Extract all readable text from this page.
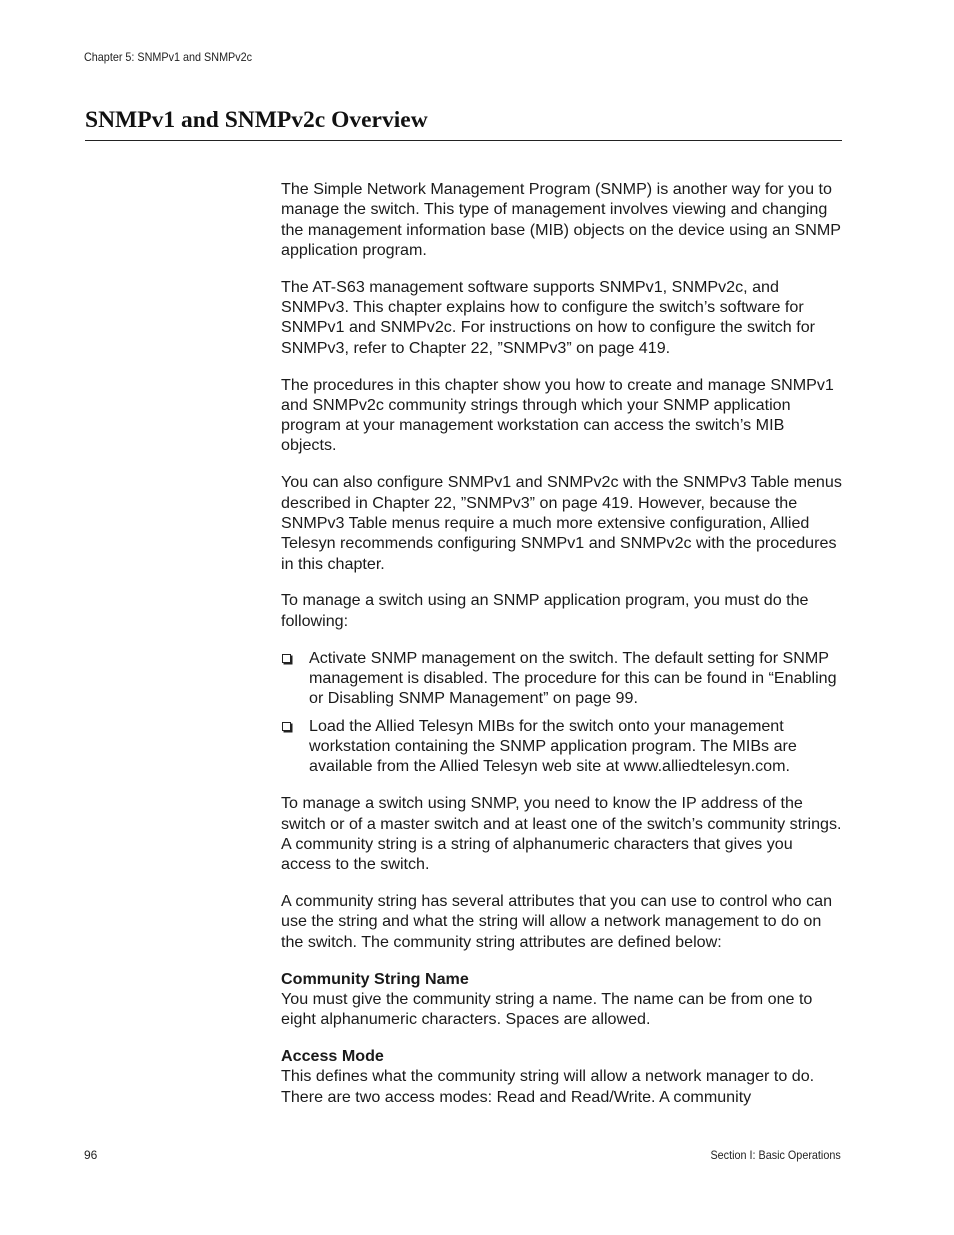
Chapter 5: SNMPv1 and SNMPv2c

SNMPv1 and SNMPv2c Overview

The Simple Network Management Program (SNMP) is another way for you to manage the switch. This type of management involves viewing and changing the management information base (MIB) objects on the device using an SNMP application program.

The AT-S63 management software supports SNMPv1, SNMPv2c, and SNMPv3. This chapter explains how to configure the switch’s software for SNMPv1 and SNMPv2c. For instructions on how to configure the switch for SNMPv3, refer to Chapter 22, ”SNMPv3” on page 419.

The procedures in this chapter show you how to create and manage SNMPv1 and SNMPv2c community strings through which your SNMP application program at your management workstation can access the switch’s MIB objects.

You can also configure SNMPv1 and SNMPv2c with the SNMPv3 Table menus described in Chapter 22, ”SNMPv3” on page 419. However, because the SNMPv3 Table menus require a much more extensive configuration, Allied Telesyn recommends configuring SNMPv1 and SNMPv2c with the procedures in this chapter.

To manage a switch using an SNMP application program, you must do the following:

Activate SNMP management on the switch. The default setting for SNMP management is disabled. The procedure for this can be found in “Enabling or Disabling SNMP Management” on page 99.
Load the Allied Telesyn MIBs for the switch onto your management workstation containing the SNMP application program. The MIBs are available from the Allied Telesyn web site at www.alliedtelesyn.com.

To manage a switch using SNMP, you need to know the IP address of the switch or of a master switch and at least one of the switch’s community strings. A community string is a string of alphanumeric characters that gives you access to the switch.

A community string has several attributes that you can use to control who can use the string and what the string will allow a network management to do on the switch. The community string attributes are defined below:

Community String Name

You must give the community string a name. The name can be from one to eight alphanumeric characters. Spaces are allowed.

Access Mode

This defines what the community string will allow a network manager to do. There are two access modes: Read and Read/Write. A community

96	Section I: Basic Operations
